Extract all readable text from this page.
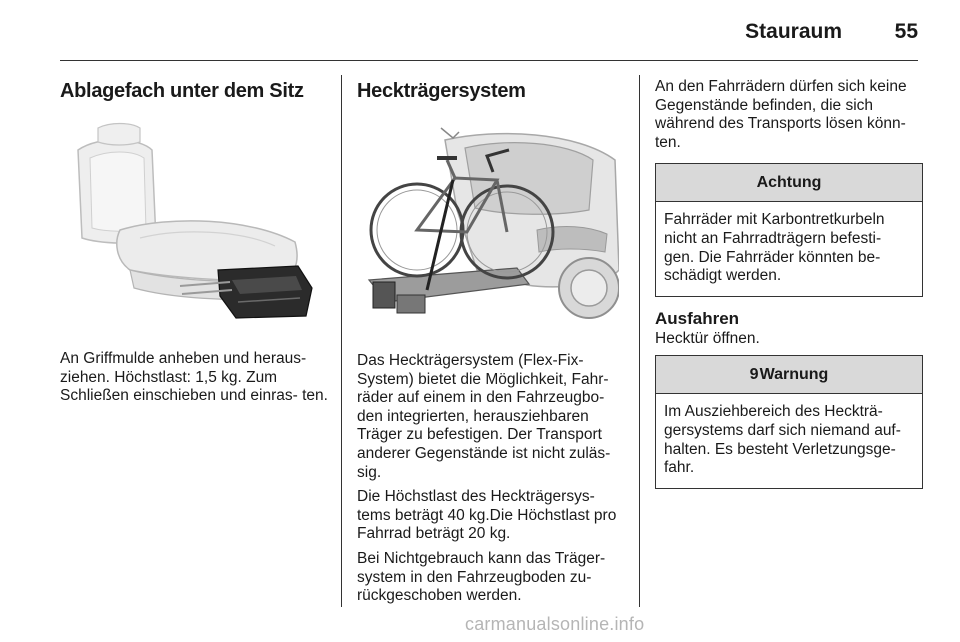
Stauraum	55
Ablagefach unter dem Sitz

An Griffmulde anheben und heraus- ziehen. Höchstlast: 1,5 kg. Zum Schließen einschieben und einras- ten.

Heckträgersystem

Das Heckträgersystem (Flex-Fix- System) bietet die Möglichkeit, Fahr- räder auf einem in den Fahrzeugbo- den integrierten, herausziehbaren Träger zu befestigen. Der Transport anderer Gegenstände ist nicht zuläs- sig.

Die Höchstlast des Heckträgersys- tems beträgt 40 kg.Die Höchstlast pro Fahrrad beträgt 20 kg.

Bei Nichtgebrauch kann das Träger- system in den Fahrzeugboden zu- rückgeschoben werden.

An den Fahrrädern dürfen sich keine Gegenstände befinden, die sich während des Transports lösen könn- ten.

Achtung
Fahrräder mit Karbontretkurbeln nicht an Fahrradträgern befesti- gen. Die Fahrräder könnten be- schädigt werden.
Ausfahren

Hecktür öffnen.

9Warnung
Im Ausziehbereich des Heckträ- gersystems darf sich niemand auf- halten. Es besteht Verletzungsge- fahr.
carmanualsonline.info
